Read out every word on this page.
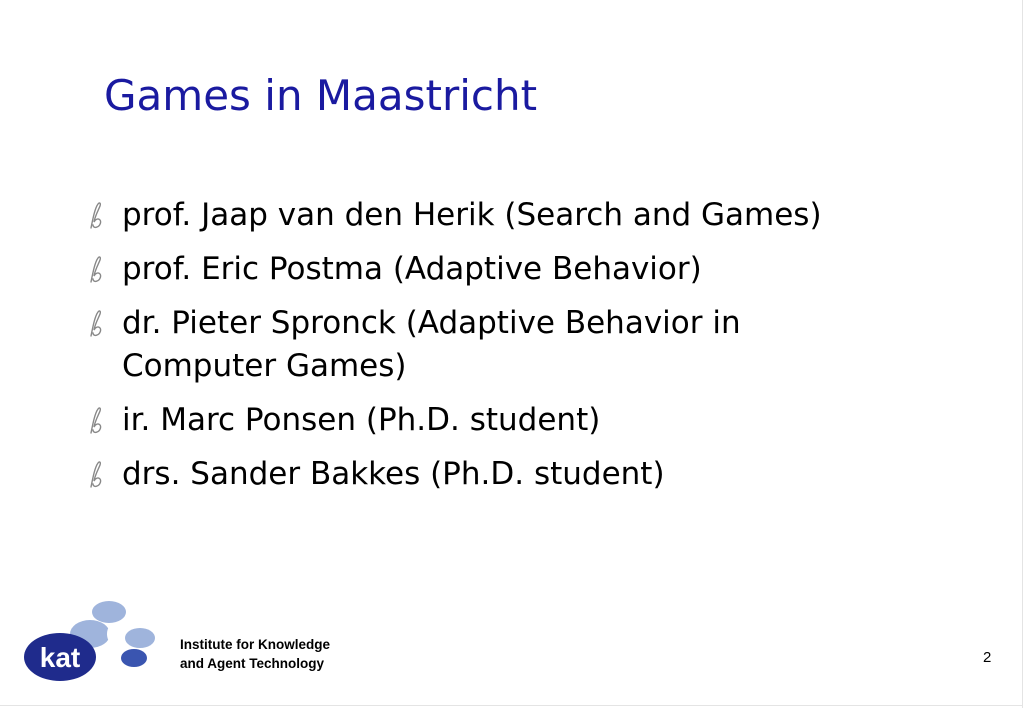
Games in Maastricht
prof. Jaap van den Herik (Search and Games)
prof. Eric Postma (Adaptive Behavior)
dr. Pieter Spronck (Adaptive Behavior in Computer Games)
ir. Marc Ponsen (Ph.D. student)
drs. Sander Bakkes (Ph.D. student)
kat	Institute for Knowledge
and Agent Technology	2
